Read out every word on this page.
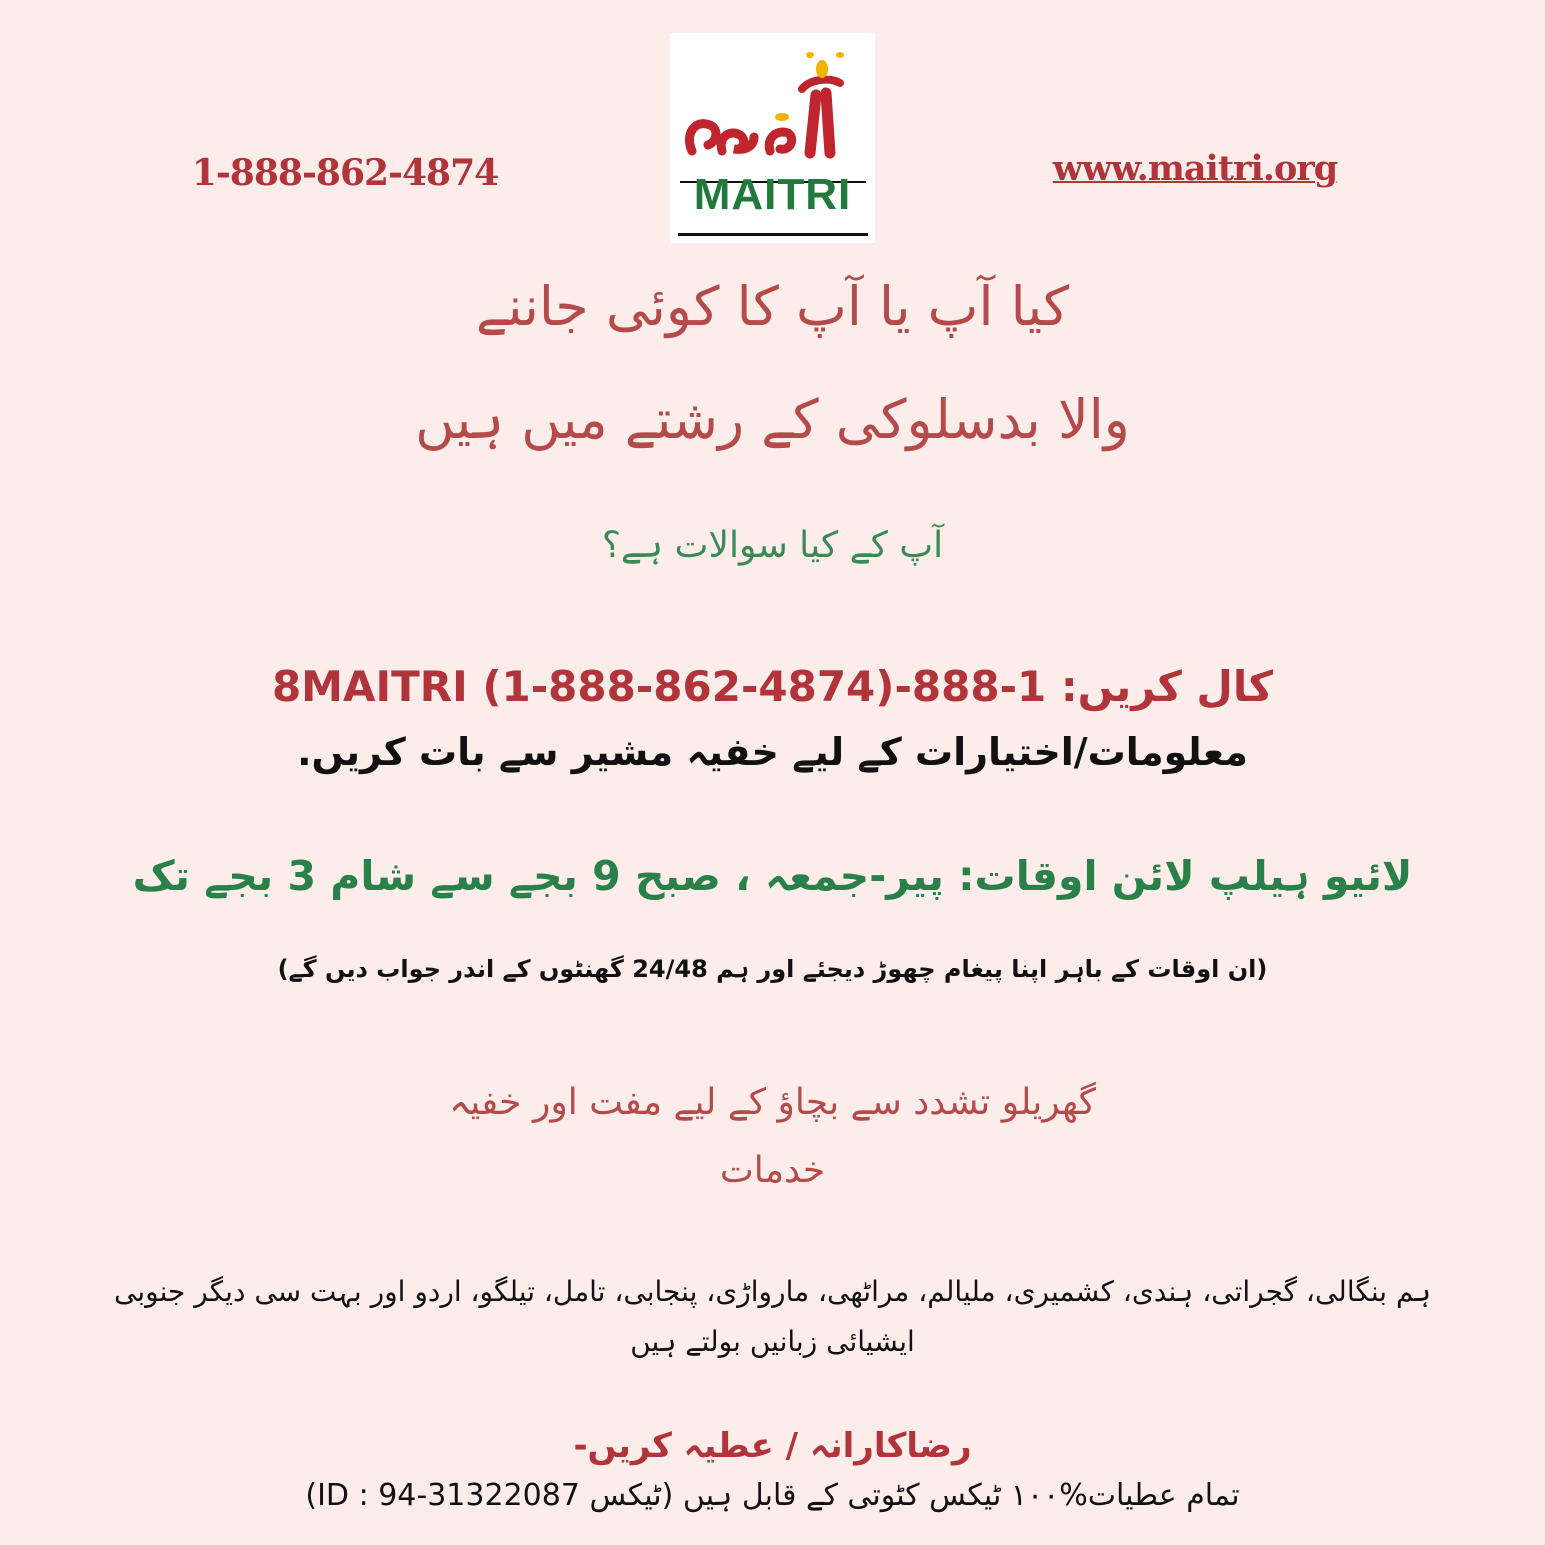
1-888-862-4874	MAITRI
www.maitri.org
کیا آپ یا آپ کا کوئی جاننے
والا بدسلوکی کے رشتے میں ہیں
آپ کے کیا سوالات ہے؟
کال کریں: 1-888-8MAITRI (1-888-862-4874)
معلومات/اختیارات کے لیے خفیہ مشیر سے بات کریں.
لائیو ہیلپ لائن اوقات: پیر-جمعہ ، صبح 9 بجے سے شام 3 بجے تک
(ان اوقات کے باہر اپنا پیغام چھوڑ دیجئے اور ہم 24/48 گھنٹوں کے اندر جواب دیں گے)
گھریلو تشدد سے بچاؤ کے لیے مفت اور خفیہ
خدمات
ہم بنگالی، گجراتی، ہندی، کشمیری، ملیالم، مراٹھی، مارواڑی، پنجابی، تامل، تیلگو، اردو اور بہت سی دیگر جنوبی
ایشیائی زبانیں بولتے ہیں
رضاکارانہ / عطیہ کریں-
تمام عطیات%۱۰۰ ٹیکس کٹوتی کے قابل ہیں (ٹیکس ID : 94-31322087)
